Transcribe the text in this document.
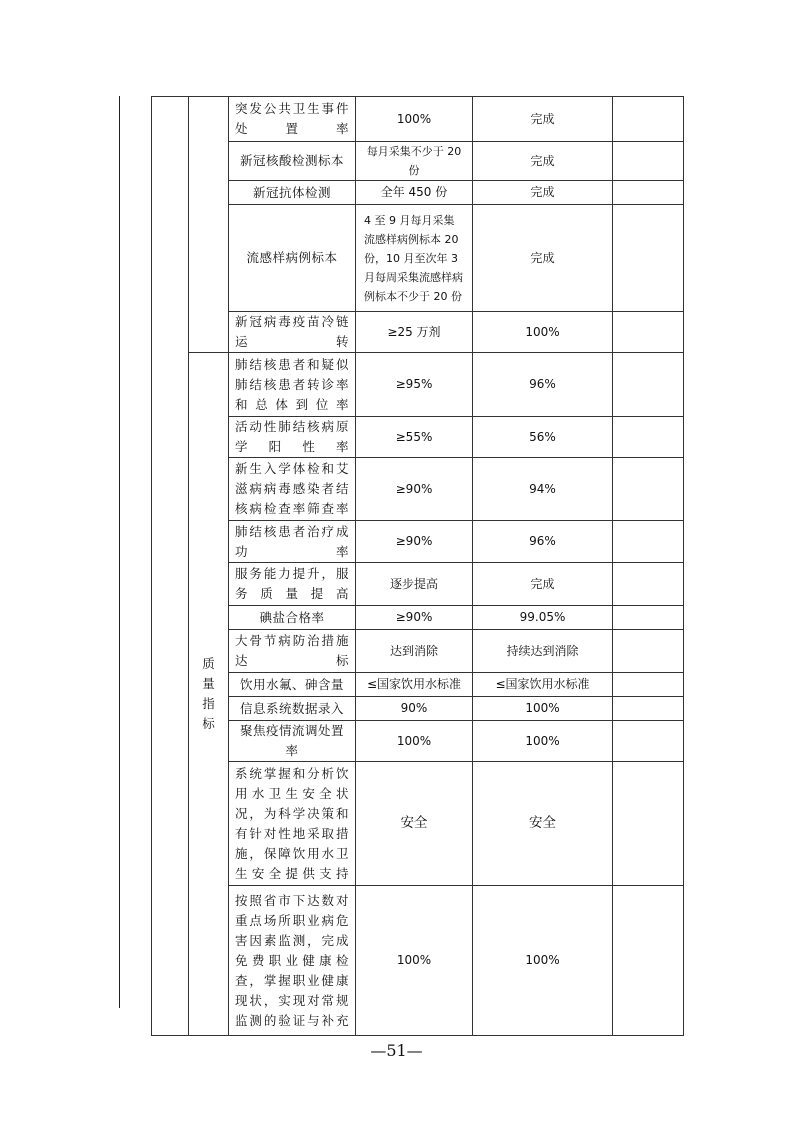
		突发公共卫生事件处置率	100%	完成	
		新冠核酸检测标本	每月采集不少于 20 份	完成	
		新冠抗体检测	全年 450 份	完成	
		流感样病例标本	4 至 9 月每月采集流感样病例标本 20 份，10 月至次年 3 月每周采集流感样病例标本不少于 20 份	完成	
		新冠病毒疫苗冷链运转	≥25 万剂	100%	
	质量指标	肺结核患者和疑似肺结核患者转诊率和总体到位率	≥95%	96%	
		活动性肺结核病原学阳性率	≥55%	56%	
		新生入学体检和艾滋病病毒感染者结核病检查率筛查率	≥90%	94%	
		肺结核患者治疗成功率	≥90%	96%	
		服务能力提升，服务质量提高	逐步提高	完成	
		碘盐合格率	≥90%	99.05%	
		大骨节病防治措施达标	达到消除	持续达到消除	
		饮用水氟、砷含量	≤国家饮用水标准	≤国家饮用水标准	
		信息系统数据录入	90%	100%	
		聚焦疫情流调处置率	100%	100%	
		系统掌握和分析饮用水卫生安全状况，为科学决策和有针对性地采取措施，保障饮用水卫生安全提供支持	安全	安全	
		按照省市下达数对重点场所职业病危害因素监测，完成免费职业健康检查，掌握职业健康现状，实现对常规监测的验证与补充	100%	100%	
—51—
